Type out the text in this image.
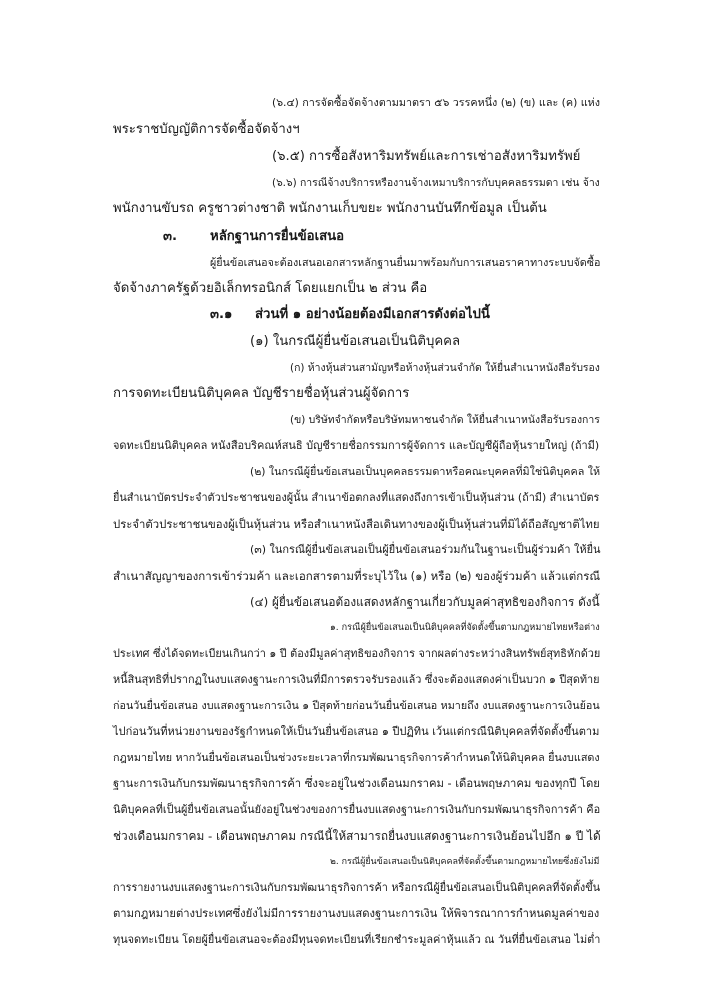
(๖.๔) การจัดซื้อจัดจ้างตามมาตรา ๕๖ วรรคหนึ่ง (๒) (ข) และ (ค) แห่ง
พระราชบัญญัติการจัดซื้อจัดจ้างฯ
(๖.๕) การซื้อสังหาริมทรัพย์และการเช่าอสังหาริมทรัพย์
(๖.๖) การณีจ้างบริการหรืองานจ้างเหมาบริการกับบุคคลธรรมดา เช่น จ้าง
พนักงานขับรถ ครูชาวต่างชาติ พนักงานเก็บขยะ พนักงานบันทึกข้อมูล เป็นต้น
๓. หลักฐานการยื่นข้อเสนอ
ผู้ยื่นข้อเสนอจะต้องเสนอเอกสารหลักฐานยื่นมาพร้อมกับการเสนอราคาทางระบบจัดซื้อ
จัดจ้างภาครัฐด้วยอิเล็กทรอนิกส์ โดยแยกเป็น ๒ ส่วน คือ
๓.๑ ส่วนที่ ๑ อย่างน้อยต้องมีเอกสารดังต่อไปนี้
(๑) ในกรณีผู้ยื่นข้อเสนอเป็นนิติบุคคล
(ก) ห้างหุ้นส่วนสามัญหรือห้างหุ้นส่วนจำกัด ให้ยื่นสำเนาหนังสือรับรอง
การจดทะเบียนนิติบุคคล บัญชีรายชื่อหุ้นส่วนผู้จัดการ
(ข) บริษัทจำกัดหรือบริษัทมหาชนจำกัด ให้ยื่นสำเนาหนังสือรับรองการ
จดทะเบียนนิติบุคคล หนังสือบริคณห์สนธิ บัญชีรายชื่อกรรมการผู้จัดการ และบัญชีผู้ถือหุ้นรายใหญ่ (ถ้ามี)
(๒) ในกรณีผู้ยื่นข้อเสนอเป็นบุคคลธรรมดาหรือคณะบุคคลที่มิใช่นิติบุคคล ให้
ยื่นสำเนาบัตรประจำตัวประชาชนของผู้นั้น สำเนาข้อตกลงที่แสดงถึงการเข้าเป็นหุ้นส่วน (ถ้ามี) สำเนาบัตร
ประจำตัวประชาชนของผู้เป็นหุ้นส่วน หรือสำเนาหนังสือเดินทางของผู้เป็นหุ้นส่วนที่มิได้ถือสัญชาติไทย
(๓) ในกรณีผู้ยื่นข้อเสนอเป็นผู้ยื่นข้อเสนอร่วมกันในฐานะเป็นผู้ร่วมค้า ให้ยื่น
สำเนาสัญญาของการเข้าร่วมค้า และเอกสารตามที่ระบุไว้ใน (๑) หรือ (๒) ของผู้ร่วมค้า แล้วแต่กรณี
(๔) ผู้ยื่นข้อเสนอต้องแสดงหลักฐานเกี่ยวกับมูลค่าสุทธิของกิจการ ดังนี้
๑. กรณีผู้ยื่นข้อเสนอเป็นนิติบุคคลที่จัดตั้งขึ้นตามกฎหมายไทยหรือต่าง
ประเทศ ซึ่งได้จดทะเบียนเกินกว่า ๑ ปี ต้องมีมูลค่าสุทธิของกิจการ จากผลต่างระหว่างสินทรัพย์สุทธิหักด้วย
หนี้สินสุทธิที่ปรากฏในงบแสดงฐานะการเงินที่มีการตรวจรับรองแล้ว ซึ่งจะต้องแสดงค่าเป็นบวก ๑ ปีสุดท้าย
ก่อนวันยื่นข้อเสนอ งบแสดงฐานะการเงิน ๑ ปีสุดท้ายก่อนวันยื่นข้อเสนอ หมายถึง งบแสดงฐานะการเงินย้อน
ไปก่อนวันที่หน่วยงานของรัฐกำหนดให้เป็นวันยื่นข้อเสนอ ๑ ปีปฏิทิน เว้นแต่กรณีนิติบุคคลที่จัดตั้งขึ้นตาม
กฎหมายไทย หากวันยื่นข้อเสนอเป็นช่วงระยะเวลาที่กรมพัฒนาธุรกิจการค้ากำหนดให้นิติบุคคล ยื่นงบแสดง
ฐานะการเงินกับกรมพัฒนาธุรกิจการค้า ซึ่งจะอยู่ในช่วงเดือนมกราคม - เดือนพฤษภาคม ของทุกปี โดย
นิติบุคคลที่เป็นผู้ยื่นข้อเสนอนั้นยังอยู่ในช่วงของการยื่นงบแสดงฐานะการเงินกับกรมพัฒนาธุรกิจการค้า คือ
ช่วงเดือนมกราคม - เดือนพฤษภาคม กรณีนี้ให้สามารถยื่นงบแสดงฐานะการเงินย้อนไปอีก ๑ ปี ได้
๒. กรณีผู้ยื่นข้อเสนอเป็นนิติบุคคลที่จัดตั้งขึ้นตามกฎหมายไทยซึ่งยังไม่มี
การรายงานงบแสดงฐานะการเงินกับกรมพัฒนาธุรกิจการค้า หรือกรณีผู้ยื่นข้อเสนอเป็นนิติบุคคลที่จัดตั้งขึ้น
ตามกฎหมายต่างประเทศซึ่งยังไม่มีการรายงานงบแสดงฐานะการเงิน ให้พิจารณาการกำหนดมูลค่าของ
ทุนจดทะเบียน โดยผู้ยื่นข้อเสนอจะต้องมีทุนจดทะเบียนที่เรียกชำระมูลค่าหุ้นแล้ว ณ วันที่ยื่นข้อเสนอ ไม่ต่ำ
